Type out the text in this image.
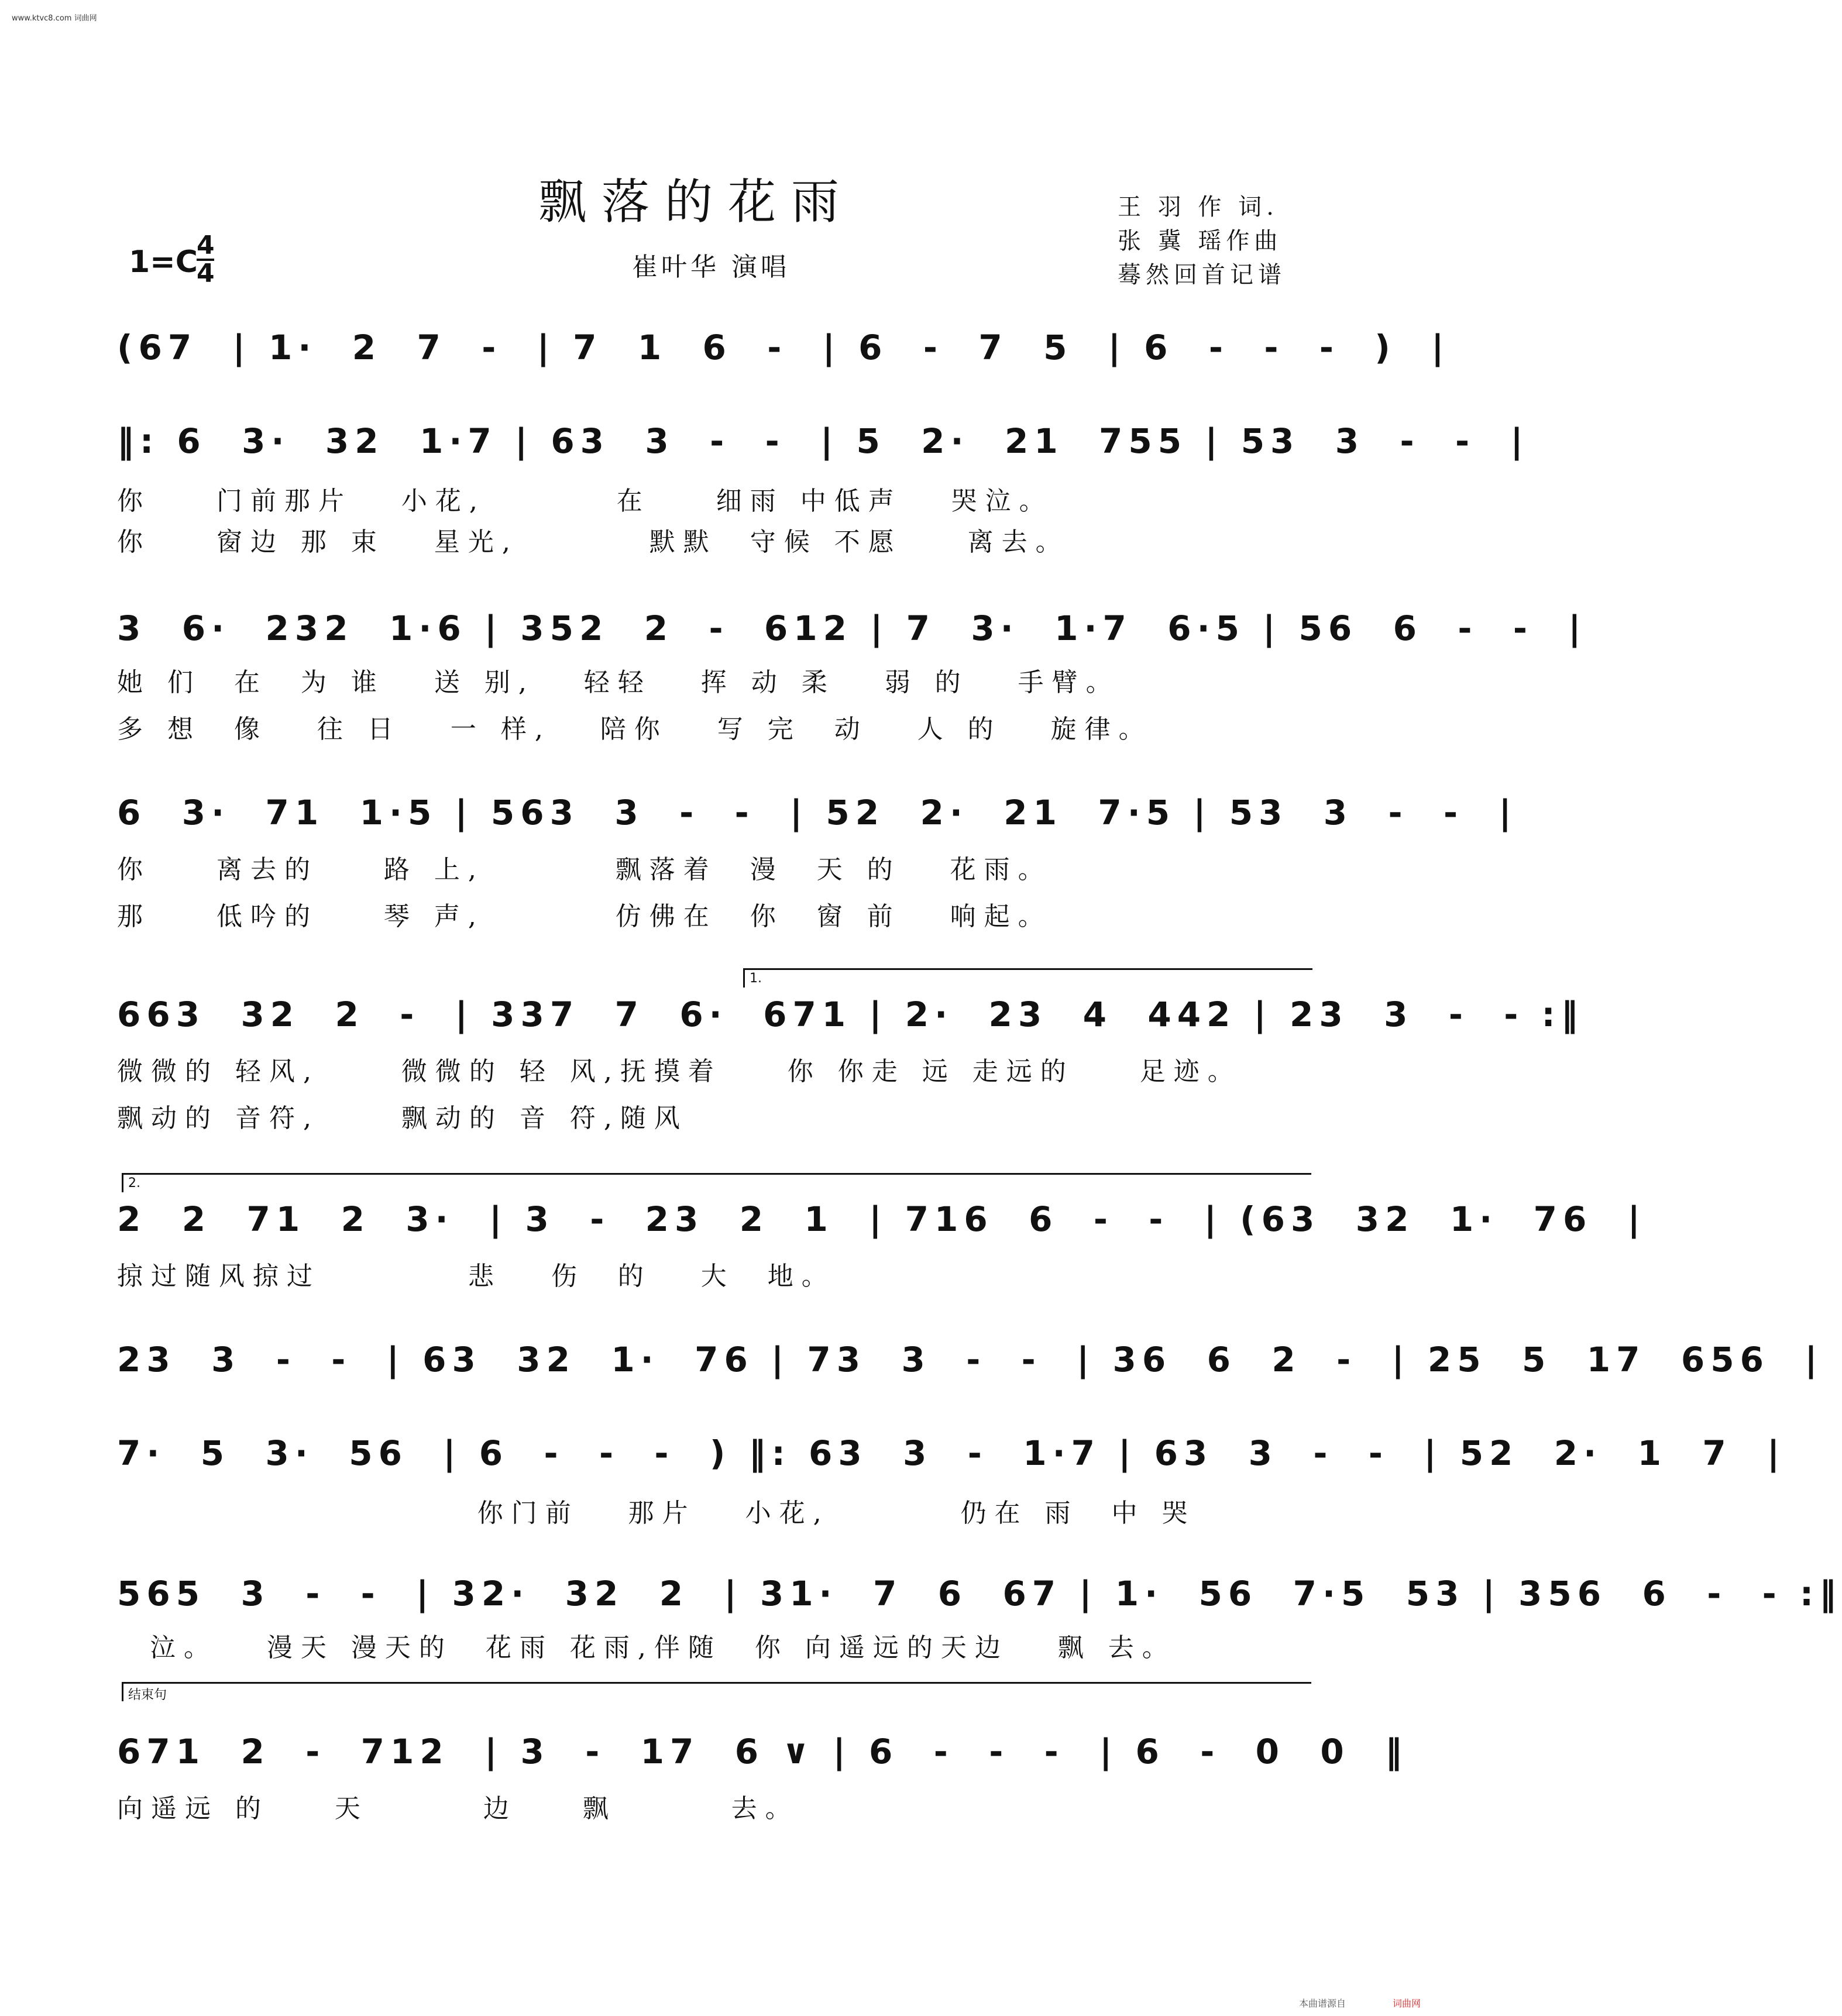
www.ktvc8.com 词曲网
飘落的花雨
崔叶华 演唱
王 羽 作 词.
张 冀 瑶作曲
蓦然回首记谱
1=C
4
4
(67  | 1·  2  7  -  | 7  1  6  -  | 6  -  7  5  | 6  -  -  -  )  |
‖: 6  3·  32  1·7 | 63  3  -  -  | 5  2·  21  755 | 53  3  -  -  |
你    门前那片   小花,        在    细雨 中低声   哭泣。
你    窗边 那 束   星光,        默默  守候 不愿    离去。
3  6·  232  1·6 | 352  2  -  612 | 7  3·  1·7  6·5 | 56  6  -  -  |
她 们  在  为 谁   送 别,   轻轻   挥 动 柔   弱 的   手臂。
多 想  像   往 日   一 样,   陪你   写 完  动   人 的   旋律。
6  3·  71  1·5 | 563  3  -  -  | 52  2·  21  7·5 | 53  3  -  -  |
你    离去的    路 上,        飘落着  漫  天 的   花雨。
那    低吟的    琴 声,        仿佛在  你  窗 前   响起。
1.
663  32  2  -  | 337  7  6·  671 | 2·  23  4  442 | 23  3  -  - :‖
微微的 轻风,     微微的 轻 风,抚摸着    你 你走 远 走远的    足迹。
飘动的 音符,     飘动的 音 符,随风
2.
2  2  71  2  3·  | 3  -  23  2  1  | 716  6  -  -  | (63  32  1·  76  |
掠过随风掠过         悲   伤  的   大  地。
23  3  -  -  | 63  32  1·  76 | 73  3  -  -  | 36  6  2  -  | 25  5  17  656  |
7·  5  3·  56  | 6  -  -  -  ) ‖: 63  3  -  1·7 | 63  3  -  -  | 52  2·  1  7  |
你门前   那片   小花,        仍在 雨  中 哭
565  3  -  -  | 32·  32  2  | 31·  7  6  67 | 1·  56  7·5  53 | 356  6  -  - :‖
泣。   漫天 漫天的  花雨 花雨,伴随  你 向遥远的天边   飘 去。
结束句
671  2  -  712  | 3  -  17  6 ∨ | 6  -  -  -  | 6  -  0  0  ‖
向遥远 的    天       边    飘       去。
本曲谱源自	词曲网
